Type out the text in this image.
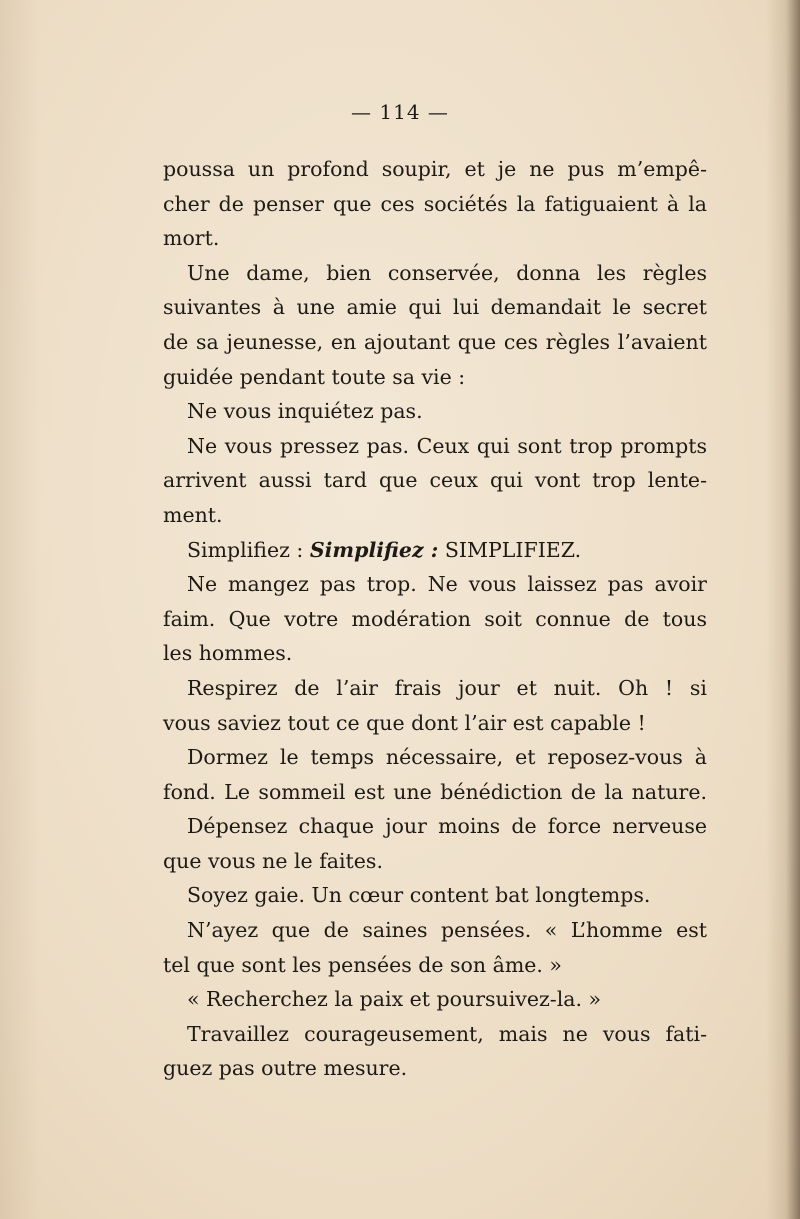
— 114 —
poussa un profond soupir, et je ne pus m’empê-
cher de penser que ces sociétés la fatiguaient à la
mort.
Une dame, bien conservée, donna les règles
suivantes à une amie qui lui demandait le secret
de sa jeunesse, en ajoutant que ces règles l’avaient
guidée pendant toute sa vie :
Ne vous inquiétez pas.
Ne vous pressez pas. Ceux qui sont trop prompts
arrivent aussi tard que ceux qui vont trop lente-
ment.
Simplifiez : Simplifiez : SIMPLIFIEZ.
Ne mangez pas trop. Ne vous laissez pas avoir
faim. Que votre modération soit connue de tous
les hommes.
Respirez de l’air frais jour et nuit. Oh ! si
vous saviez tout ce que dont l’air est capable !
Dormez le temps nécessaire, et reposez-vous à
fond. Le sommeil est une bénédiction de la nature.
Dépensez chaque jour moins de force nerveuse
que vous ne le faites.
Soyez gaie. Un cœur content bat longtemps.
N’ayez que de saines pensées. « L’homme est
tel que sont les pensées de son âme. »
« Recherchez la paix et poursuivez-la. »
Travaillez courageusement, mais ne vous fati-
guez pas outre mesure.
